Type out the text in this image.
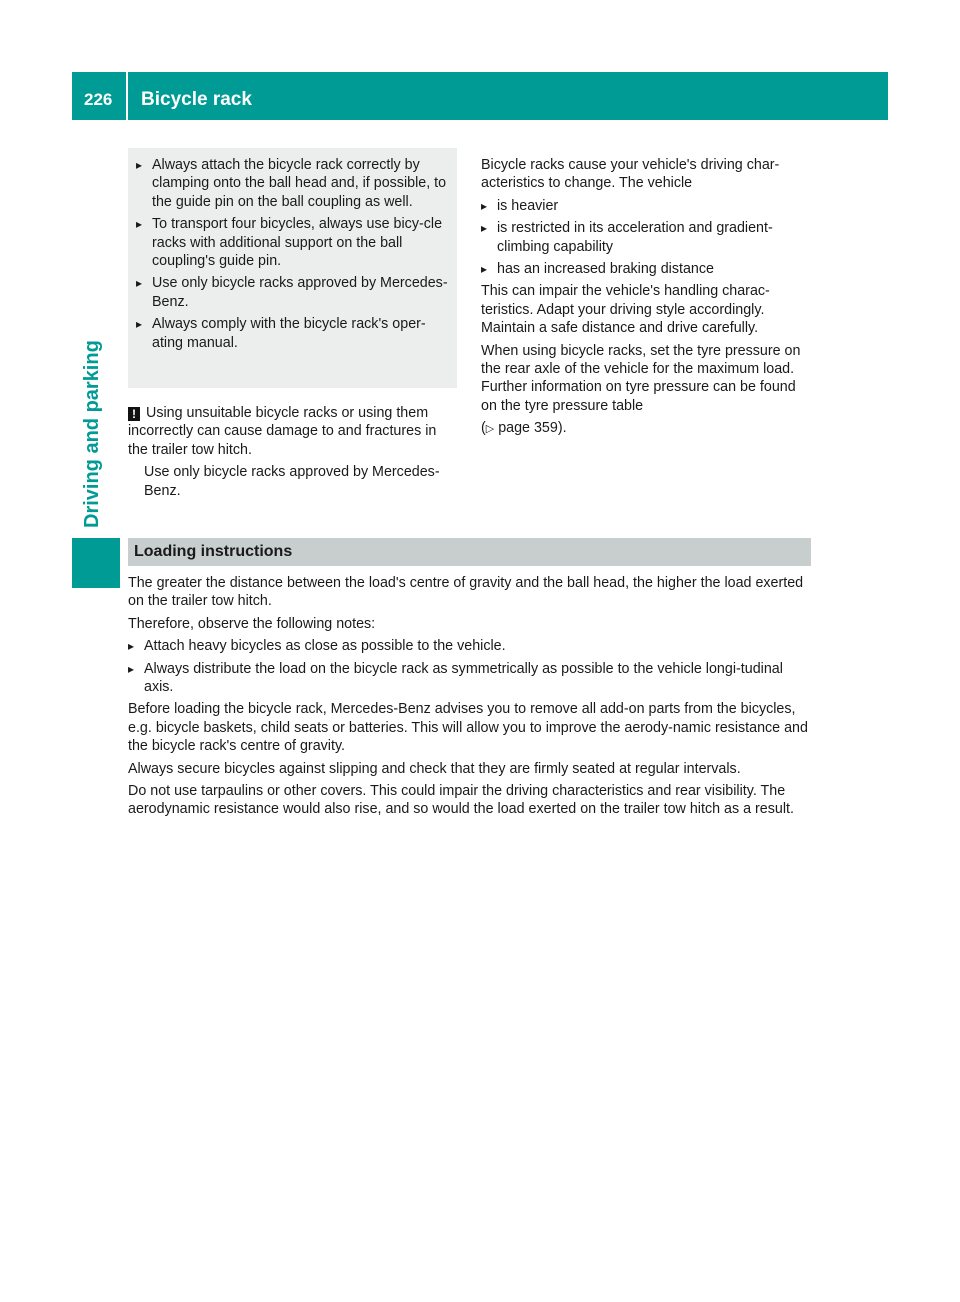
226 Bicycle rack
Driving and parking
▸ Always attach the bicycle rack correctly by clamping onto the ball head and, if possible, to the guide pin on the ball coupling as well.
▸ To transport four bicycles, always use bicy-cle racks with additional support on the ball coupling's guide pin.
▸ Use only bicycle racks approved by Mercedes-Benz.
▸ Always comply with the bicycle rack's oper-ating manual.

! Using unsuitable bicycle racks or using them incorrectly can cause damage to and fractures in the trailer tow hitch.

Use only bicycle racks approved by Mercedes-Benz.

Bicycle racks cause your vehicle's driving char-acteristics to change. The vehicle

▸ is heavier
▸ is restricted in its acceleration and gradient-climbing capability
▸ has an increased braking distance

This can impair the vehicle's handling charac-teristics. Adapt your driving style accordingly. Maintain a safe distance and drive carefully.

When using bicycle racks, set the tyre pressure on the rear axle of the vehicle for the maximum load. Further information on tyre pressure can be found on the tyre pressure table

(▷ page 359).

Loading instructions

The greater the distance between the load's centre of gravity and the ball head, the higher the load exerted on the trailer tow hitch.

Therefore, observe the following notes:

▸ Attach heavy bicycles as close as possible to the vehicle.
▸ Always distribute the load on the bicycle rack as symmetrically as possible to the vehicle longi-tudinal axis.

Before loading the bicycle rack, Mercedes-Benz advises you to remove all add-on parts from the bicycles, e.g. bicycle baskets, child seats or batteries. This will allow you to improve the aerody-namic resistance and the bicycle rack's centre of gravity.

Always secure bicycles against slipping and check that they are firmly seated at regular intervals.

Do not use tarpaulins or other covers. This could impair the driving characteristics and rear visibility. The aerodynamic resistance would also rise, and so would the load exerted on the trailer tow hitch as a result.
